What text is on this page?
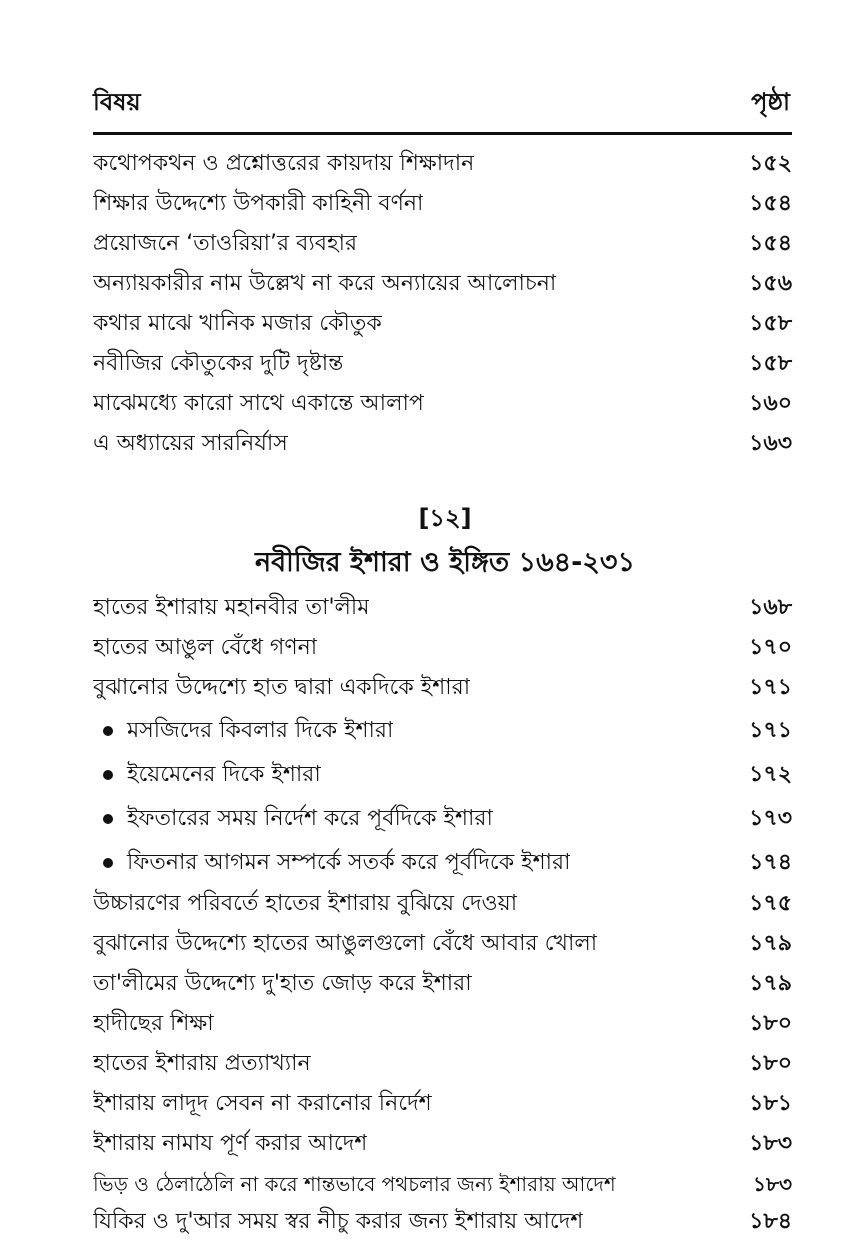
বিষয়	পৃষ্ঠা
কথোপকথন ও প্রশ্নোত্তরের কায়দায় শিক্ষাদান	১৫২
শিক্ষার উদ্দেশ্যে উপকারী কাহিনী বর্ণনা	১৫৪
প্রয়োজনে ‘তাওরিয়া’র ব্যবহার	১৫৪
অন্যায়কারীর নাম উল্লেখ না করে অন্যায়ের আলোচনা	১৫৬
কথার মাঝে খানিক মজার কৌতুক	১৫৮
নবীজির কৌতুকের দুটি দৃষ্টান্ত	১৫৮
মাঝেমধ্যে কারো সাথে একান্তে আলাপ	১৬০
এ অধ্যায়ের সারনির্যাস	১৬৩
[১২]
নবীজির ইশারা ও ইঙ্গিত ১৬৪-২৩১
হাতের ইশারায় মহানবীর তা'লীম	১৬৮
হাতের আঙুল বেঁধে গণনা	১৭০
বুঝানোর উদ্দেশ্যে হাত দ্বারা একদিকে ইশারা	১৭১
মসজিদের কিবলার দিকে ইশারা	১৭১
ইয়েমেনের দিকে ইশারা	১৭২
ইফতারের সময় নির্দেশ করে পূর্বদিকে ইশারা	১৭৩
ফিতনার আগমন সম্পর্কে সতর্ক করে পূর্বদিকে ইশারা	১৭৪
উচ্চারণের পরিবর্তে হাতের ইশারায় বুঝিয়ে দেওয়া	১৭৫
বুঝানোর উদ্দেশ্যে হাতের আঙুলগুলো বেঁধে আবার খোলা	১৭৯
তা'লীমের উদ্দেশ্যে দু'হাত জোড় করে ইশারা	১৭৯
হাদীছের শিক্ষা	১৮০
হাতের ইশারায় প্রত্যাখ্যান	১৮০
ইশারায় লাদূদ সেবন না করানোর নির্দেশ	১৮১
ইশারায় নামায পূর্ণ করার আদেশ	১৮৩
ভিড় ও ঠেলাঠেলি না করে শান্তভাবে পথচলার জন্য ইশারায় আদেশ	১৮৩
যিকির ও দু'আর সময় স্বর নীচু করার জন্য ইশারায় আদেশ	১৮৪
